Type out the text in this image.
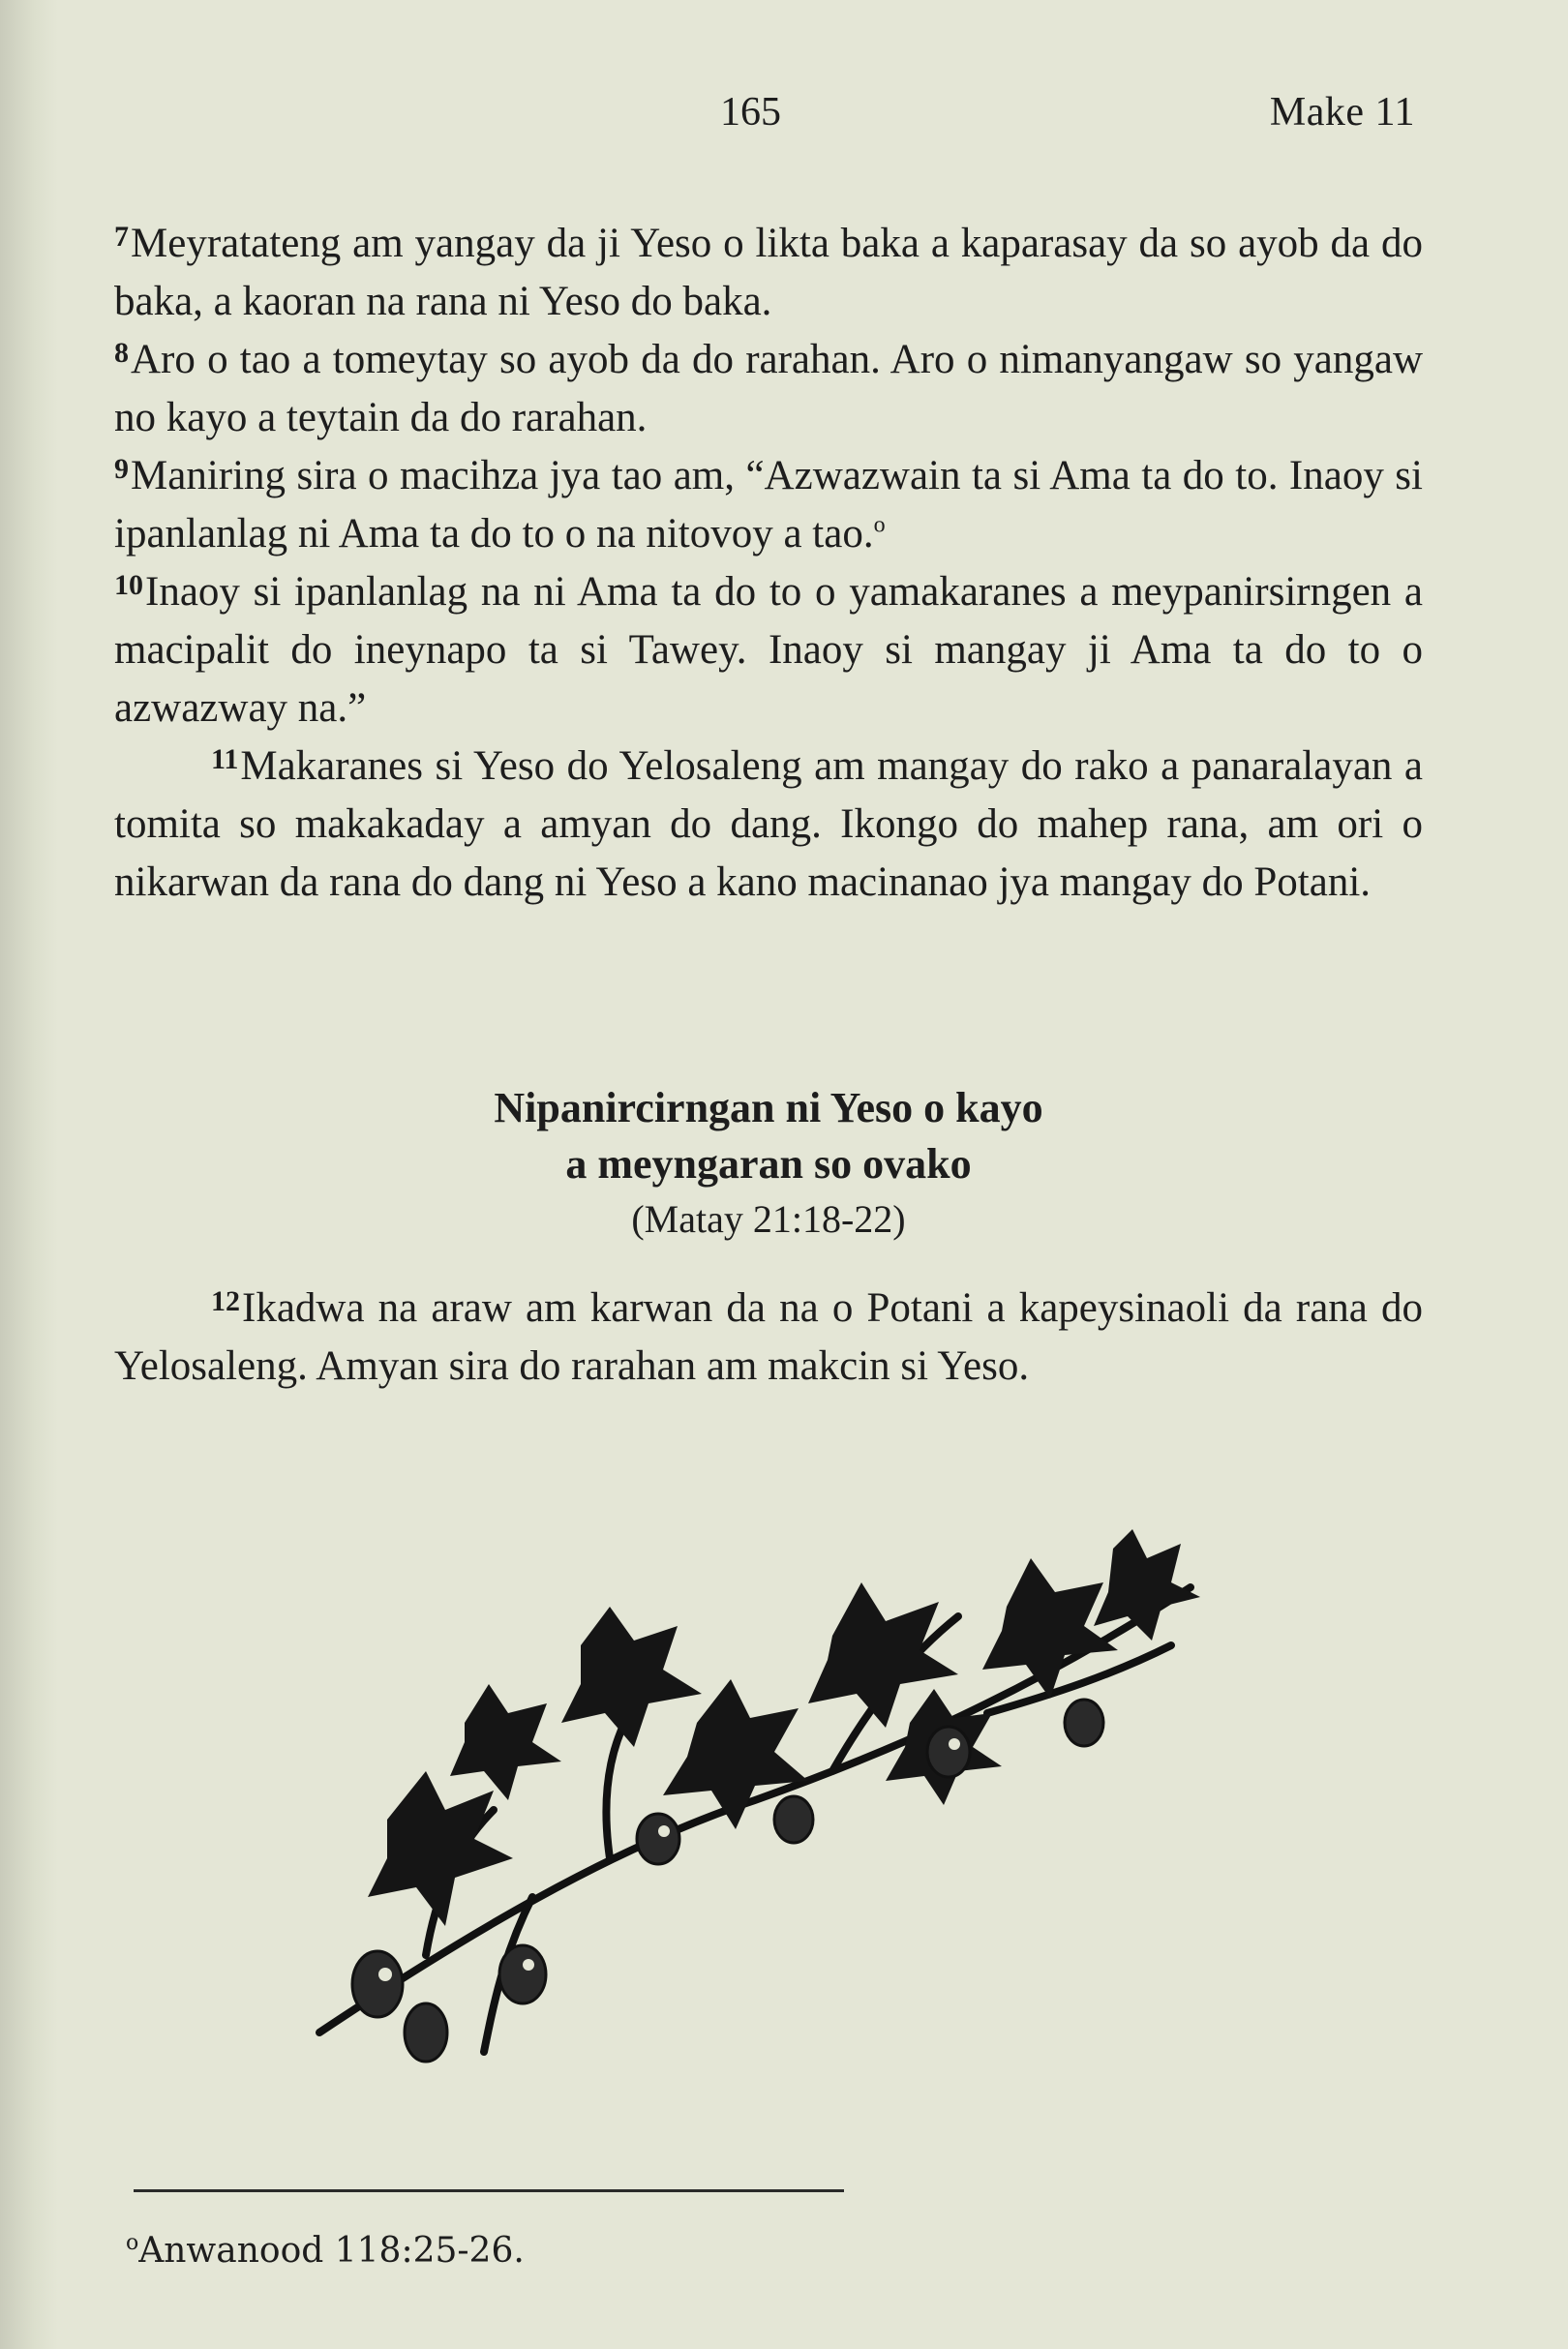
165	Make 11

$^7$Meyratateng am yangay da ji Yeso o likta baka a kaparasay da so ayob da do baka, a kaoran na rana ni Yeso do baka.

$^8$Aro o tao a tomeytay so ayob da do rarahan. Aro o nimanyangaw so yangaw no kayo a teytain da do rarahan.

$^9$Maniring sira o macihza jya tao am, “Azwazwain ta si Ama ta do to. Inaoy si ipanlanlag ni Ama ta do to o na nitovoy a tao.$^o$

$^{10}$Inaoy si ipanlanlag na ni Ama ta do to o yamakaranes a meypanirsirngen a macipalit do ineynapo ta si Tawey. Inaoy si mangay ji Ama ta do to o azwazway na.”

$^{11}$Makaranes si Yeso do Yelosaleng am mangay do rako a panaralayan a tomita so makakaday a amyan do dang. Ikongo do mahep rana, am ori o nikarwan da rana do dang ni Yeso a kano macinanao jya mangay do Potani.

Nipanircirngan ni Yeso o kayo

a meyngaran so ovako

(Matay 21:18-22)

$^{12}$Ikadwa na araw am karwan da na o Potani a kapeysinaoli da rana do Yelosaleng. Amyan sira do rarahan am makcin si Yeso.

$^o$Anwanood 118:25-26.
